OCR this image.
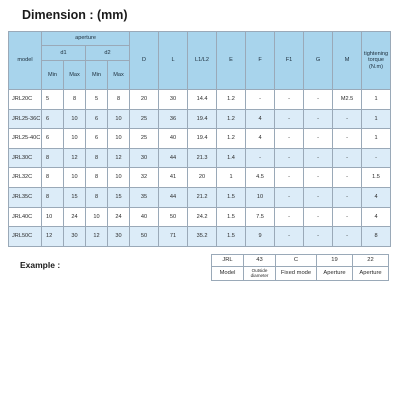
Dimension : (mm)
model	aperture				D	L	L1/L2	E	F	F1	G	M	tightening torque (N.m)
	d1		d2										
	Min	Max	Min	Max									
JRL20C	5	8	5	8	20	30	14.4	1.2	-	-	-	M2.5	1
JRL25-36C	6	10	6	10	25	36	19.4	1.2	4	-	-	-	1
JRL25-40C	6	10	6	10	25	40	19.4	1.2	4	-	-	-	1
JRL30C	8	12	8	12	30	44	21.3	1.4	-	-	-	-	-
JRL32C	8	10	8	10	32	41	20	1	4.5	-	-	-	1.5
JRL35C	8	15	8	15	35	44	21.2	1.5	10	-	-	-	4
JRL40C	10	24	10	24	40	50	24.2	1.5	7.5	-	-	-	4
JRL50C	12	30	12	30	50	71	35.2	1.5	9	-	-	-	8
Example :	JRL	43	C	19	22
Model	Outside diameter	Fixed mode	Aperture	Aperture
